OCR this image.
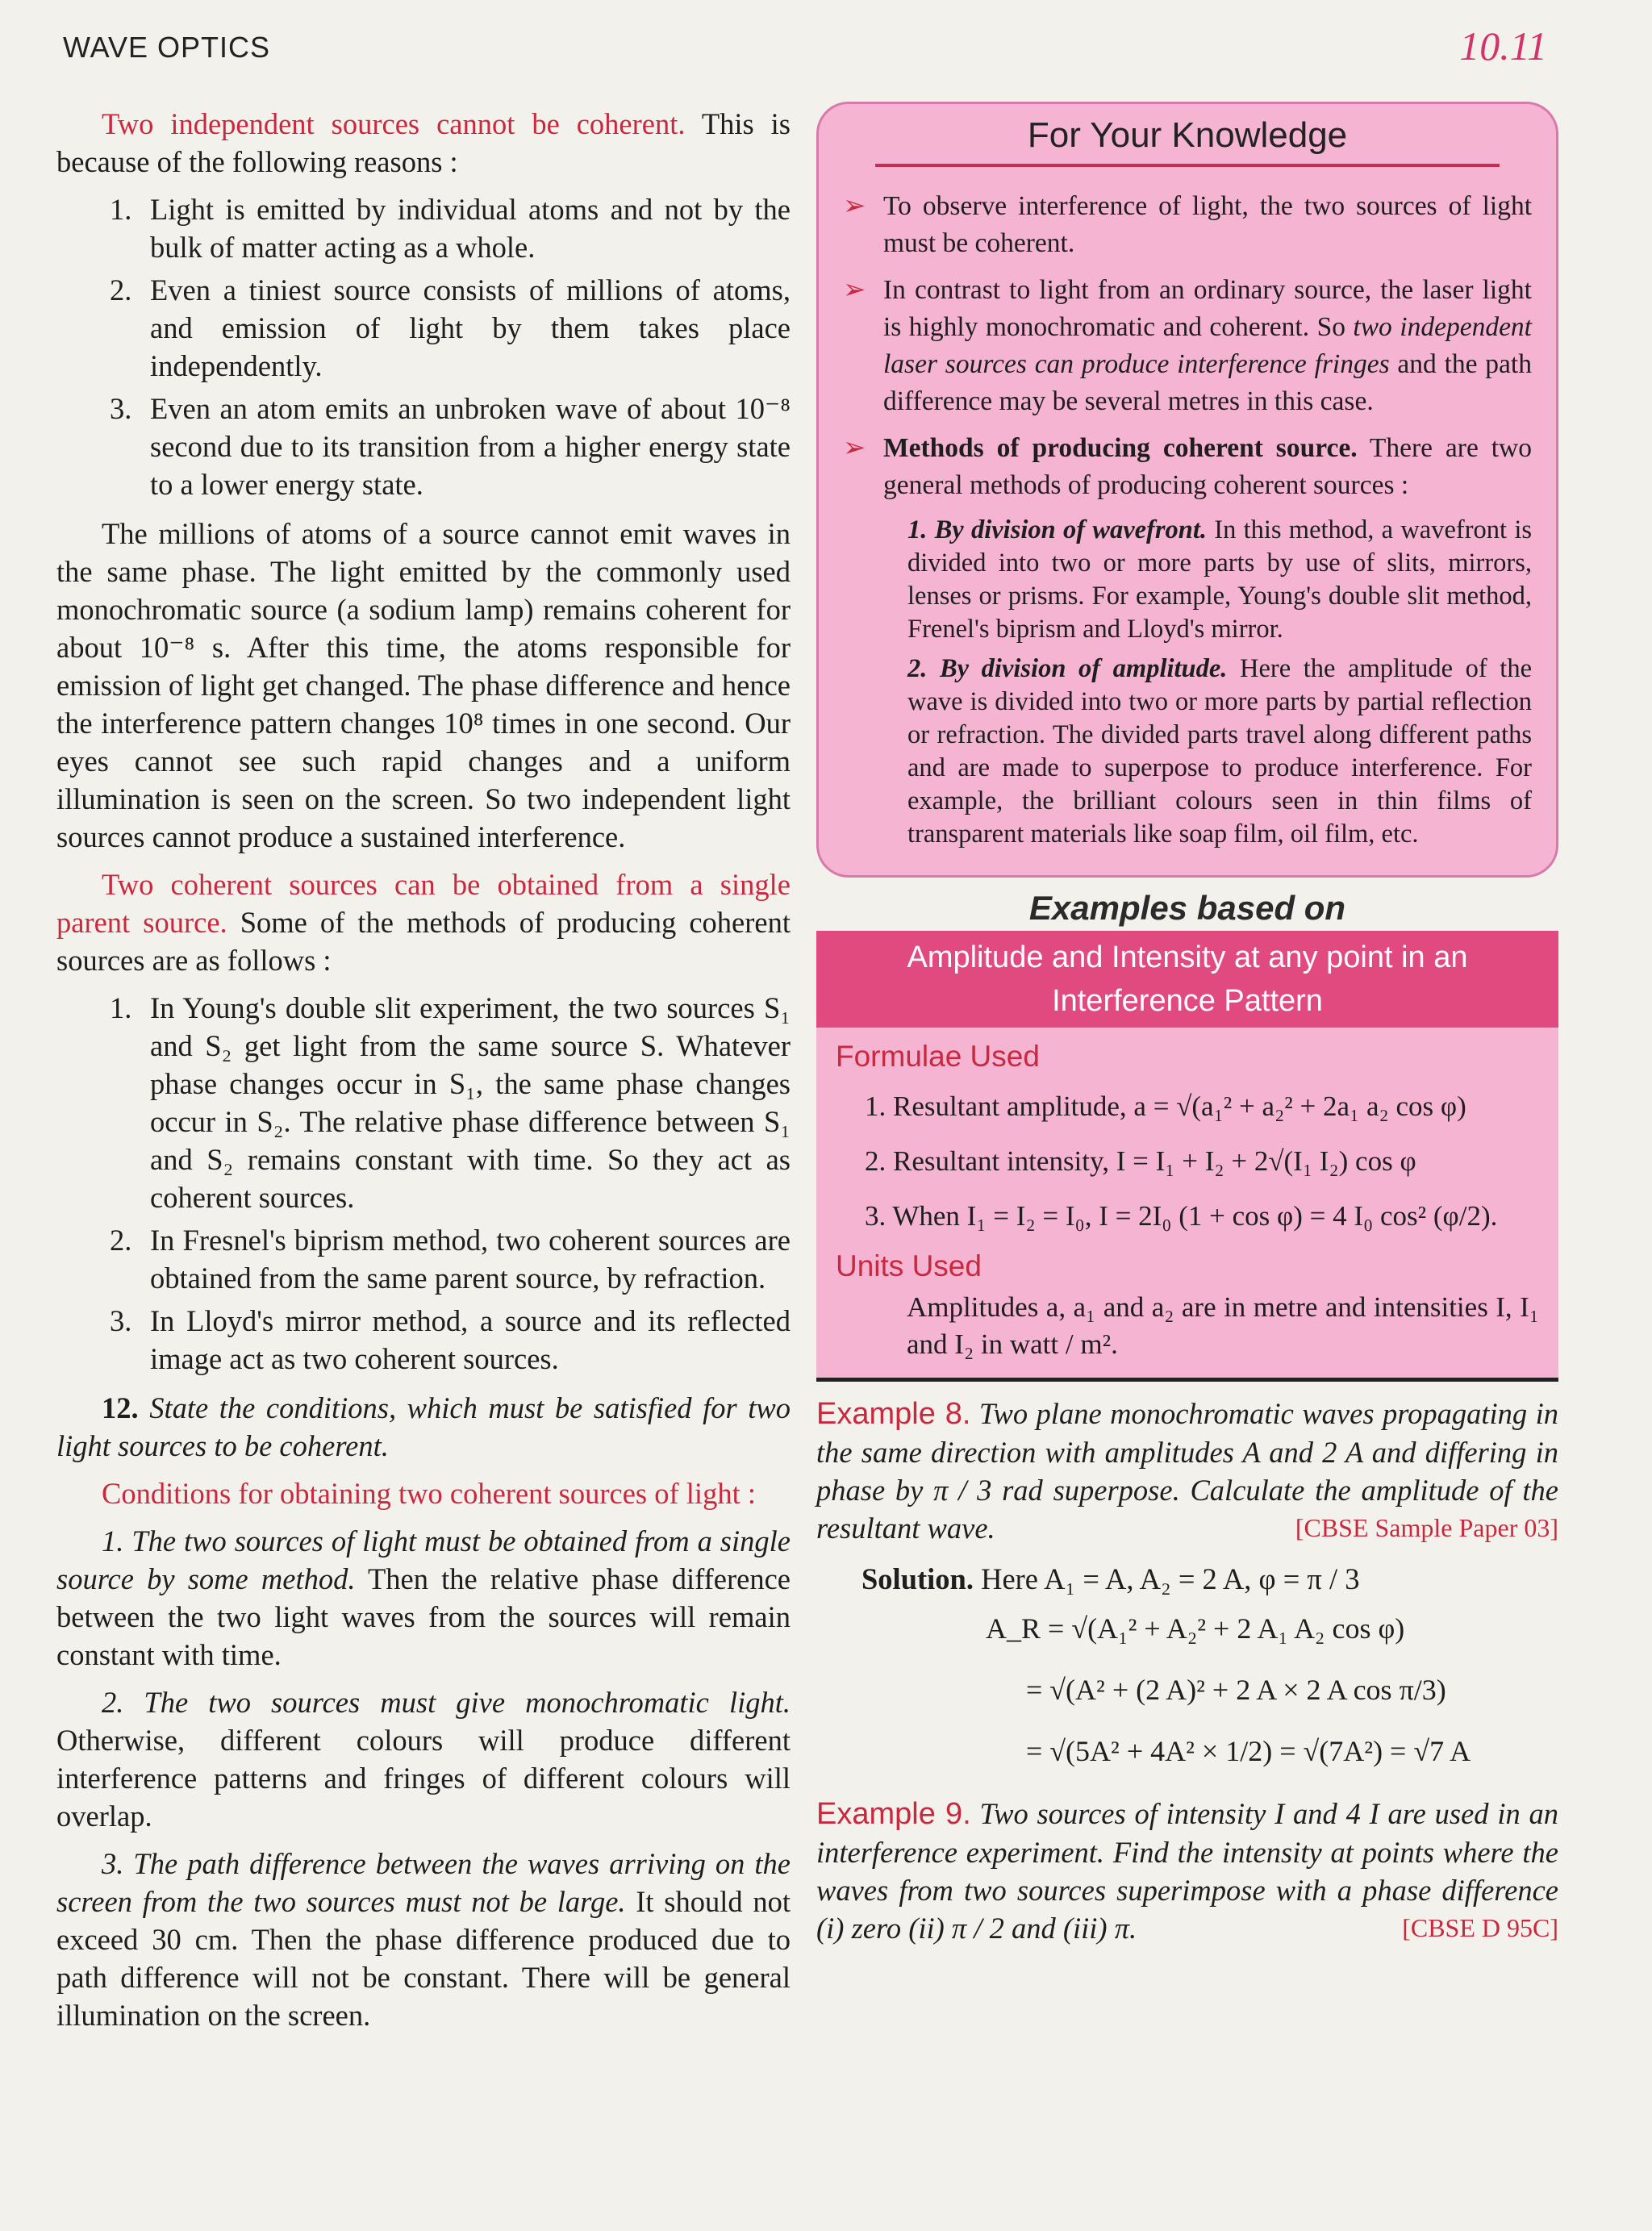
WAVE OPTICS	10.11

Two independent sources cannot be coherent. This is because of the following reasons :

1. Light is emitted by individual atoms and not by the bulk of matter acting as a whole.
2. Even a tiniest source consists of millions of atoms, and emission of light by them takes place independently.
3. Even an atom emits an unbroken wave of about 10⁻⁸ second due to its transition from a higher energy state to a lower energy state.

The millions of atoms of a source cannot emit waves in the same phase. The light emitted by the commonly used monochromatic source (a sodium lamp) remains coherent for about 10⁻⁸ s. After this time, the atoms responsible for emission of light get changed. The phase difference and hence the interference pattern changes 10⁸ times in one second. Our eyes cannot see such rapid changes and a uniform illumination is seen on the screen. So two independent light sources cannot produce a sustained interference.

Two coherent sources can be obtained from a single parent source. Some of the methods of producing coherent sources are as follows :

1. In Young's double slit experiment, the two sources S₁ and S₂ get light from the same source S. Whatever phase changes occur in S₁, the same phase changes occur in S₂. The relative phase difference between S₁ and S₂ remains constant with time. So they act as coherent sources.
2. In Fresnel's biprism method, two coherent sources are obtained from the same parent source, by refraction.
3. In Lloyd's mirror method, a source and its reflected image act as two coherent sources.

12. State the conditions, which must be satisfied for two light sources to be coherent.

Conditions for obtaining two coherent sources of light :

1. The two sources of light must be obtained from a single source by some method. Then the relative phase difference between the two light waves from the sources will remain constant with time.

2. The two sources must give monochromatic light. Otherwise, different colours will produce different interference patterns and fringes of different colours will overlap.

3. The path difference between the waves arriving on the screen from the two sources must not be large. It should not exceed 30 cm. Then the phase difference produced due to path difference will not be constant. There will be general illumination on the screen.

For Your Knowledge
➢ To observe interference of light, the two sources of light must be coherent.
➢ In contrast to light from an ordinary source, the laser light is highly monochromatic and coherent. So two independent laser sources can produce interference fringes and the path difference may be several metres in this case.
➢ Methods of producing coherent source. There are two general methods of producing coherent sources :
1. By division of wavefront. In this method, a wavefront is divided into two or more parts by use of slits, mirrors, lenses or prisms. For example, Young's double slit method, Frenel's biprism and Lloyd's mirror.
2. By division of amplitude. Here the amplitude of the wave is divided into two or more parts by partial reflection or refraction. The divided parts travel along different paths and are made to superpose to produce interference. For example, the brilliant colours seen in thin films of transparent materials like soap film, oil film, etc.
Examples based on
Amplitude and Intensity at any point in an Interference Pattern
Formulae Used
1. Resultant amplitude, a = √(a₁² + a₂² + 2a₁ a₂ cos φ)
2. Resultant intensity, I = I₁ + I₂ + 2√(I₁ I₂) cos φ
3. When I₁ = I₂ = I₀, I = 2I₀ (1 + cos φ) = 4 I₀ cos² (φ/2).
Units Used
Amplitudes a, a₁ and a₂ are in metre and intensities I, I₁ and I₂ in watt / m².
Example 8. Two plane monochromatic waves propagating in the same direction with amplitudes A and 2 A and differing in phase by π / 3 rad superpose. Calculate the amplitude of the resultant wave.	[CBSE Sample Paper 03]
Solution. Here A₁ = A, A₂ = 2 A, φ = π / 3
A_R = √(A₁² + A₂² + 2 A₁ A₂ cos φ)
= √(A² + (2 A)² + 2 A × 2 A cos π/3)
= √(5A² + 4A² × 1/2) = √(7A²) = √7 A
Example 9. Two sources of intensity I and 4 I are used in an interference experiment. Find the intensity at points where the waves from two sources superimpose with a phase difference (i) zero (ii) π / 2 and (iii) π.	[CBSE D 95C]
